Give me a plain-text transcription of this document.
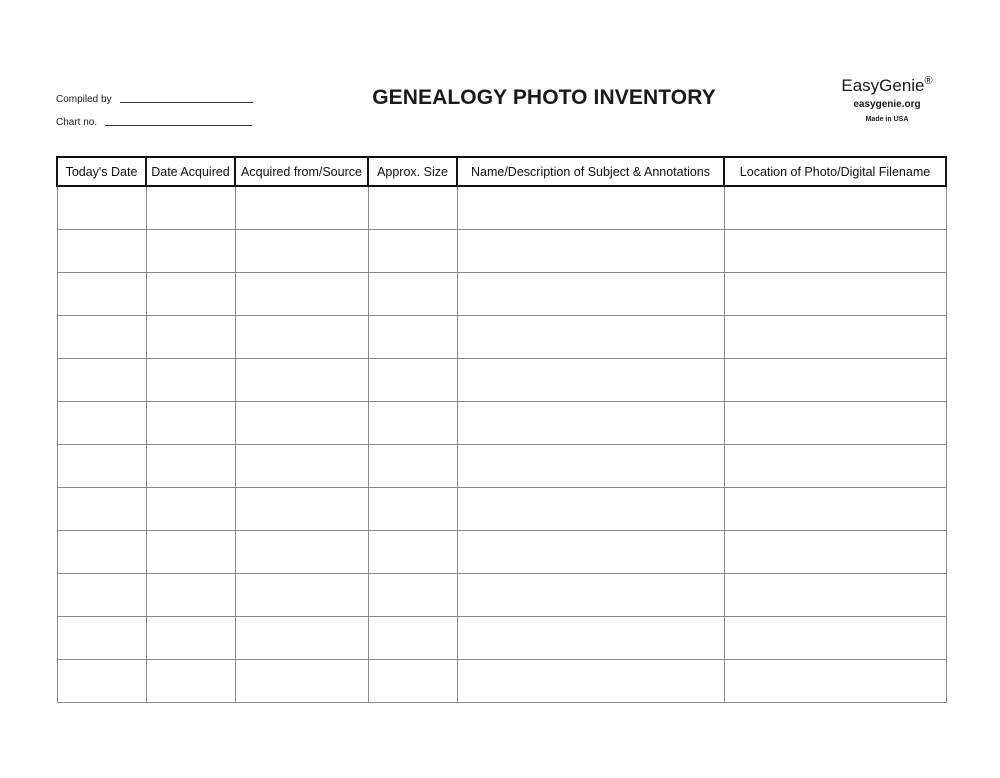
Compiled by
Chart no.
GENEALOGY PHOTO INVENTORY
EasyGenie®
easygenie.org
Made in USA
Today's Date	Date Acquired	Acquired from/Source	Approx. Size	Name/Description of Subject & Annotations	Location of Photo/Digital Filename
